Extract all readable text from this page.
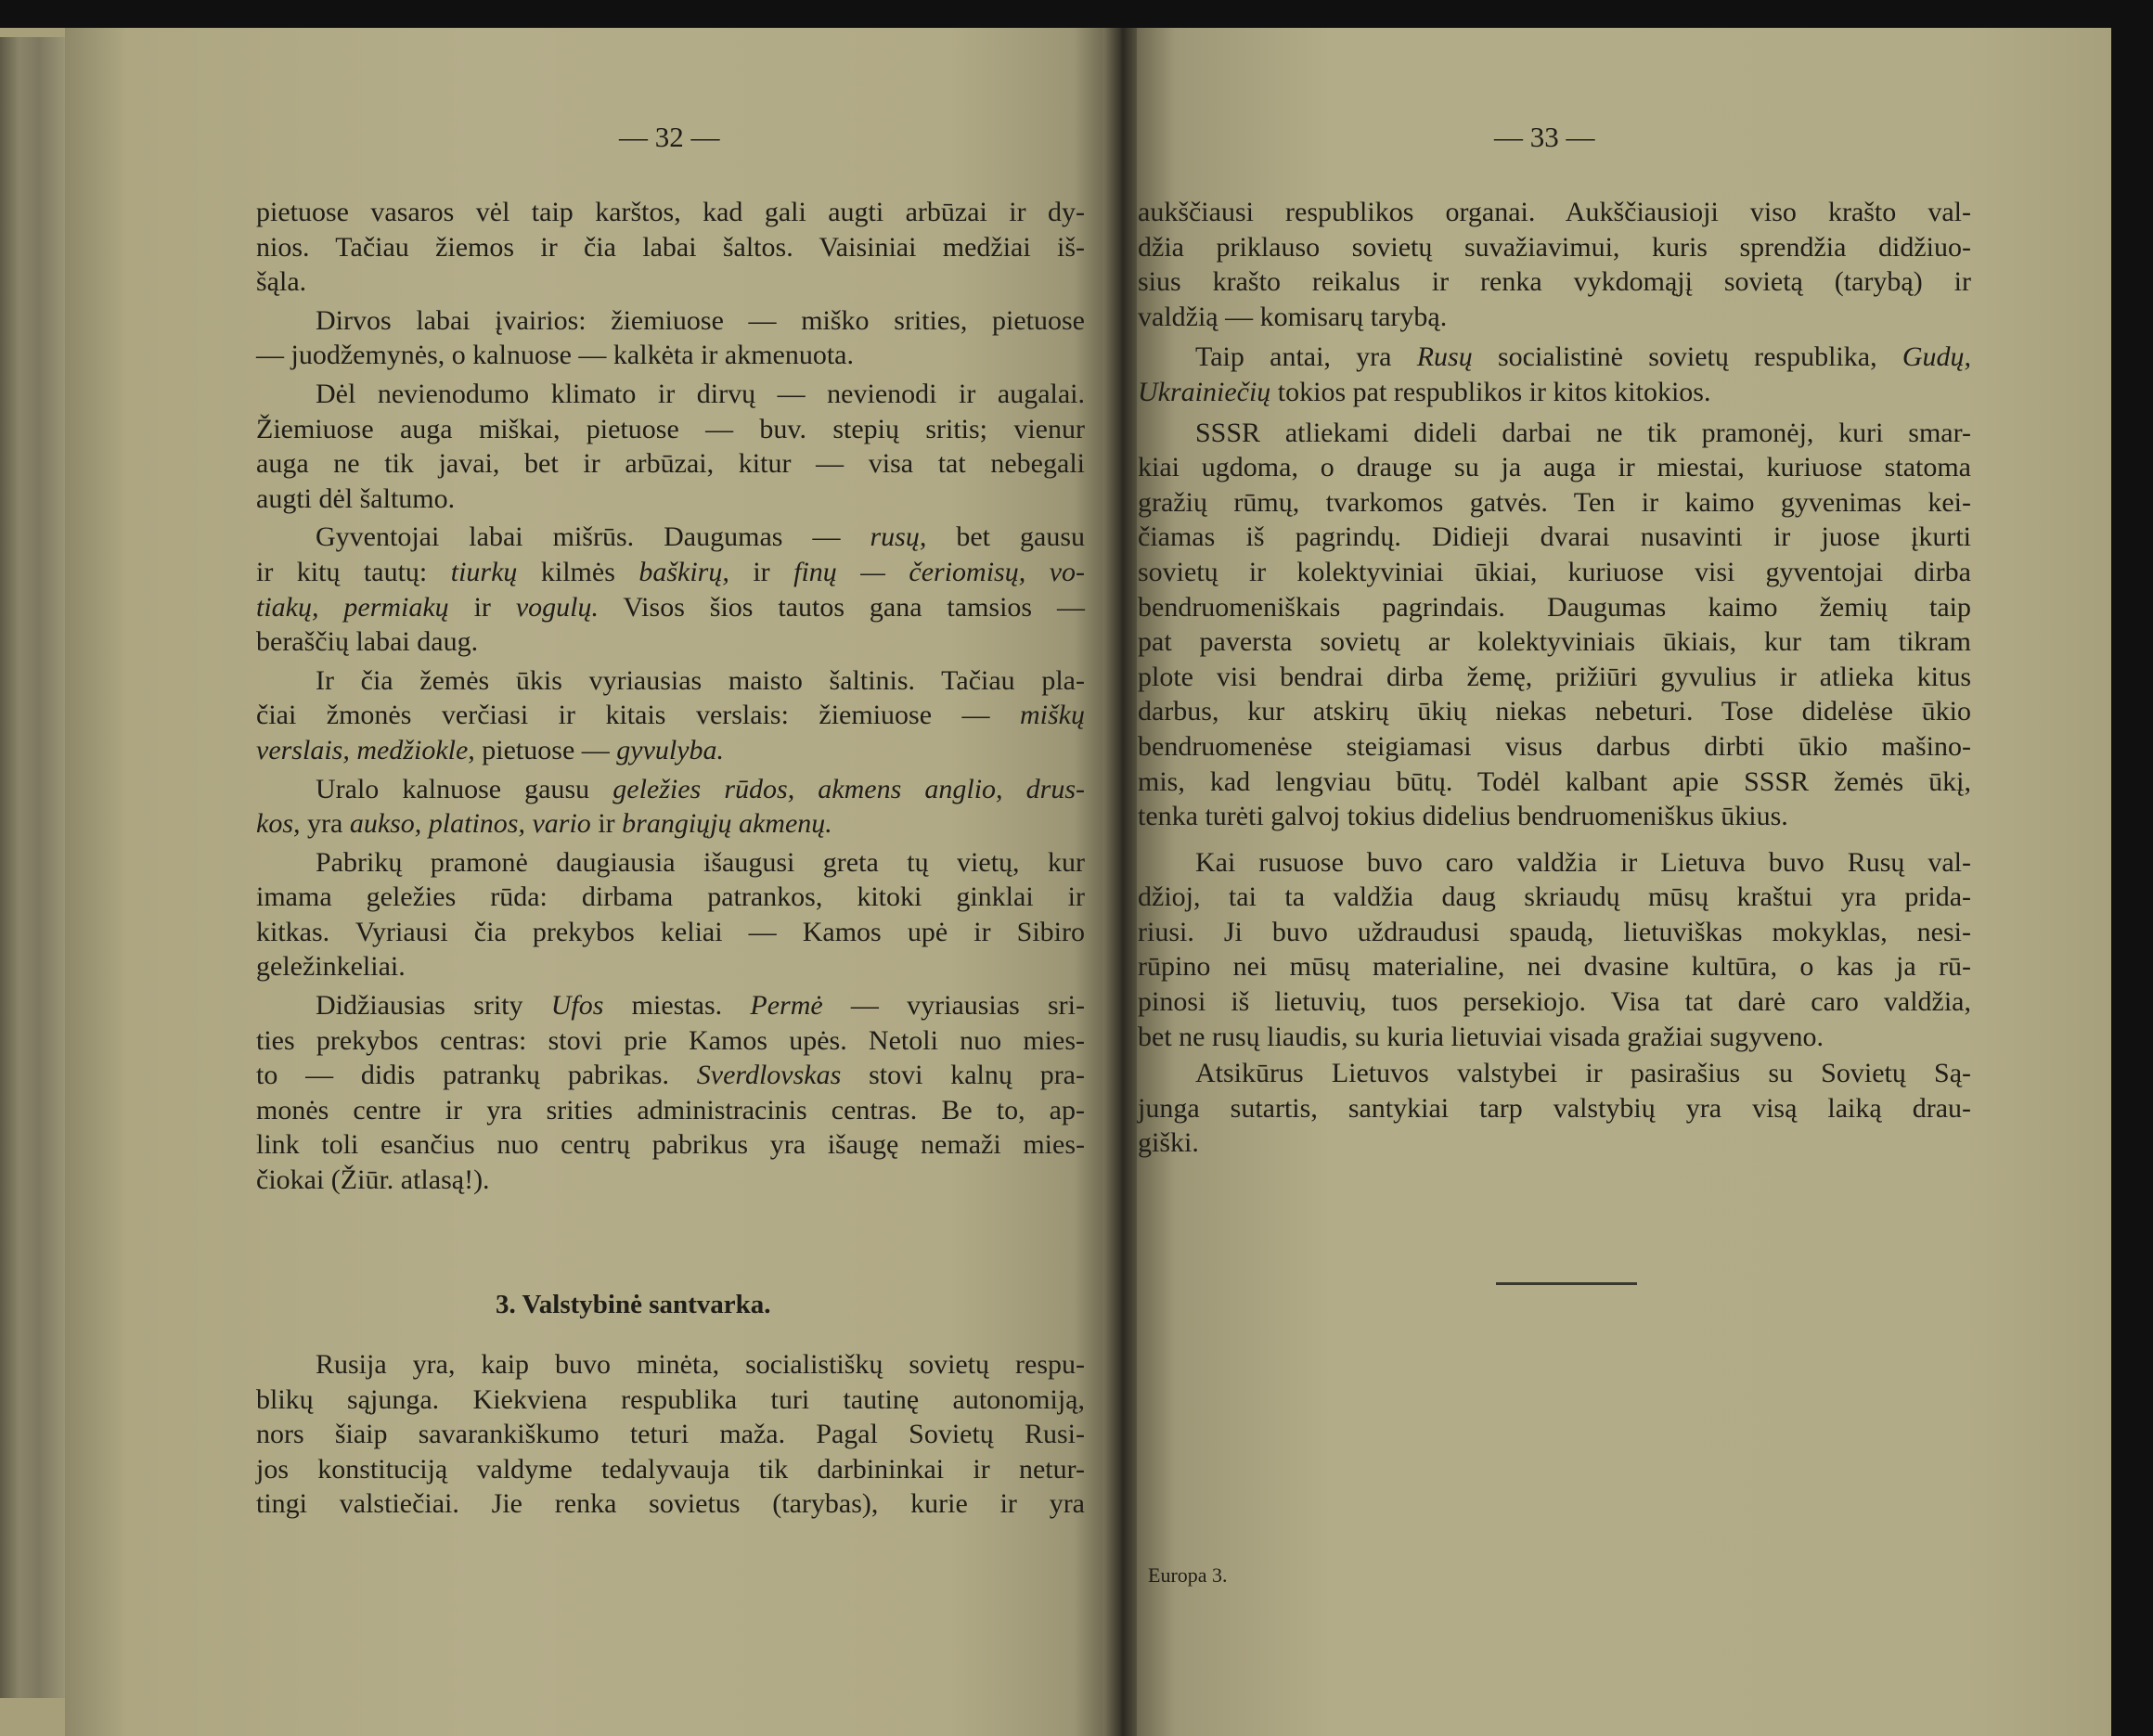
— 32 —
pietuose vasaros vėl taip karštos, kad gali augti arbūzai ir dy-
nios. Tačiau žiemos ir čia labai šaltos. Vaisiniai medžiai iš-
šąla.
Dirvos labai įvairios: žiemiuose — miško srities, pietuose
— juodžemynės, o kalnuose — kalkėta ir akmenuota.
Dėl nevienodumo klimato ir dirvų — nevienodi ir augalai.
Žiemiuose auga miškai, pietuose — buv. stepių sritis; vienur
auga ne tik javai, bet ir arbūzai, kitur — visa tat nebegali
augti dėl šaltumo.
Gyventojai labai mišrūs. Daugumas — rusų, bet gausu
ir kitų tautų: tiurkų kilmės baškirų, ir finų — čeriomisų, vo-
tiakų, permiakų ir vogulų. Visos šios tautos gana tamsios —
beraščių labai daug.
Ir čia žemės ūkis vyriausias maisto šaltinis. Tačiau pla-
čiai žmonės verčiasi ir kitais verslais: žiemiuose — miškų
verslais, medžiokle, pietuose — gyvulyba.
Uralo kalnuose gausu geležies rūdos, akmens anglio, drus-
kos, yra aukso, platinos, vario ir brangiųjų akmenų.
Pabrikų pramonė daugiausia išaugusi greta tų vietų, kur
imama geležies rūda: dirbama patrankos, kitoki ginklai ir
kitkas. Vyriausi čia prekybos keliai — Kamos upė ir Sibiro
geležinkeliai.
Didžiausias srity Ufos miestas. Permė — vyriausias sri-
ties prekybos centras: stovi prie Kamos upės. Netoli nuo mies-
to — didis patrankų pabrikas. Sverdlovskas stovi kalnų pra-
monės centre ir yra srities administracinis centras. Be to, ap-
link toli esančius nuo centrų pabrikus yra išaugę nemaži mies-
čiokai (Žiūr. atlasą!).
3. Valstybinė santvarka.
Rusija yra, kaip buvo minėta, socialistiškų sovietų respu-
blikų sąjunga. Kiekviena respublika turi tautinę autonomiją,
nors šiaip savarankiškumo teturi maža. Pagal Sovietų Rusi-
jos konstituciją valdyme tedalyvauja tik darbininkai ir netur-
tingi valstiečiai. Jie renka sovietus (tarybas), kurie ir yra
— 33 —
aukščiausi respublikos organai. Aukščiausioji viso krašto val-
džia priklauso sovietų suvažiavimui, kuris sprendžia didžiuo-
sius krašto reikalus ir renka vykdomąjį sovietą (tarybą) ir
valdžią — komisarų tarybą.
Taip antai, yra Rusų socialistinė sovietų respublika, Gudų,
Ukrainiečių tokios pat respublikos ir kitos kitokios.
SSSR atliekami dideli darbai ne tik pramonėj, kuri smar-
kiai ugdoma, o drauge su ja auga ir miestai, kuriuose statoma
gražių rūmų, tvarkomos gatvės. Ten ir kaimo gyvenimas kei-
čiamas iš pagrindų. Didieji dvarai nusavinti ir juose įkurti
sovietų ir kolektyviniai ūkiai, kuriuose visi gyventojai dirba
bendruomeniškais pagrindais. Daugumas kaimo žemių taip
pat paversta sovietų ar kolektyviniais ūkiais, kur tam tikram
plote visi bendrai dirba žemę, prižiūri gyvulius ir atlieka kitus
darbus, kur atskirų ūkių niekas nebeturi. Tose didelėse ūkio
bendruomenėse steigiamasi visus darbus dirbti ūkio mašino-
mis, kad lengviau būtų. Todėl kalbant apie SSSR žemės ūkį,
tenka turėti galvoj tokius didelius bendruomeniškus ūkius.
Kai rusuose buvo caro valdžia ir Lietuva buvo Rusų val-
džioj, tai ta valdžia daug skriaudų mūsų kraštui yra prida-
riusi. Ji buvo uždraudusi spaudą, lietuviškas mokyklas, nesi-
rūpino nei mūsų materialine, nei dvasine kultūra, o kas ja rū-
pinosi iš lietuvių, tuos persekiojo. Visa tat darė caro valdžia,
bet ne rusų liaudis, su kuria lietuviai visada gražiai sugyveno.
Atsikūrus Lietuvos valstybei ir pasirašius su Sovietų Są-
junga sutartis, santykiai tarp valstybių yra visą laiką drau-
giški.
Europa 3.
